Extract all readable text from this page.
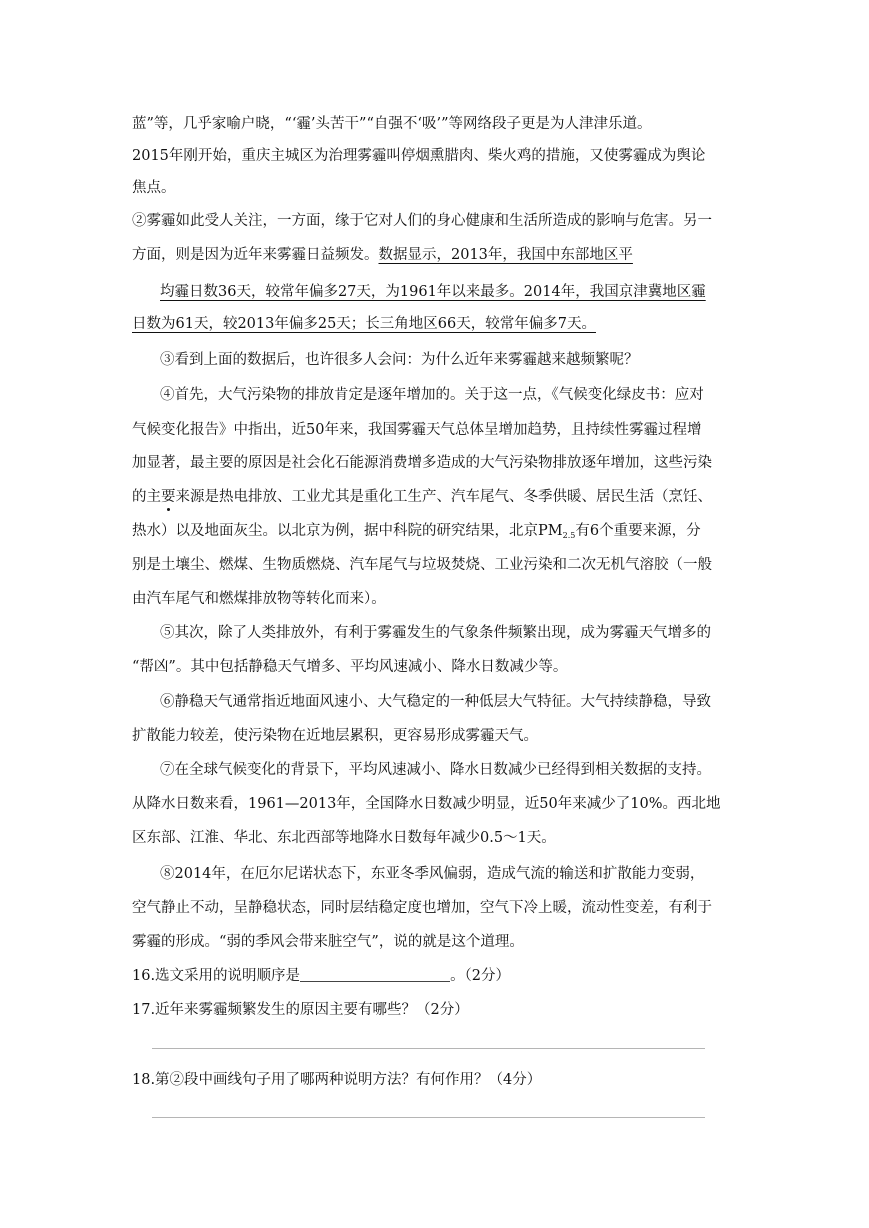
蓝”等，几乎家喻户晓，“‘霾’头苦干”“自强不‘吸’”等网络段子更是为人津津乐道。
2015年刚开始，重庆主城区为治理雾霾叫停烟熏腊肉、柴火鸡的措施，又使雾霾成为舆论
焦点。
②雾霾如此受人关注，一方面，缘于它对人们的身心健康和生活所造成的影响与危害。另一
方面，则是因为近年来雾霾日益频发。数据显示，2013年，我国中东部地区平
均霾日数36天，较常年偏多27天，为1961年以来最多。2014年，我国京津冀地区霾
日数为61天，较2013年偏多25天；长三角地区66天，较常年偏多7天。
③看到上面的数据后，也许很多人会问：为什么近年来雾霾越来越频繁呢？
④首先，大气污染物的排放肯定是逐年增加的。关于这一点，《气候变化绿皮书：应对
气候变化报告》中指出，近50年来，我国雾霾天气总体呈增加趋势，且持续性雾霾过程增
加显著，最主要的原因是社会化石能源消费增多造成的大气污染物排放逐年增加，这些污染
的主要来源是热电排放、工业尤其是重化工生产、汽车尾气、冬季供暖、居民生活（烹饪、
热水）以及地面灰尘。以北京为例，据中科院的研究结果，北京$PM_{2.5}$有6个重要来源，分
别是土壤尘、燃煤、生物质燃烧、汽车尾气与垃圾焚烧、工业污染和二次无机气溶胶（一般
由汽车尾气和燃煤排放物等转化而来）。
⑤其次，除了人类排放外，有利于雾霾发生的气象条件频繁出现，成为雾霾天气增多的
“帮凶”。其中包括静稳天气增多、平均风速减小、降水日数减少等。
⑥静稳天气通常指近地面风速小、大气稳定的一种低层大气特征。大气持续静稳，导致
扩散能力较差，使污染物在近地层累积，更容易形成雾霾天气。
⑦在全球气候变化的背景下，平均风速减小、降水日数减少已经得到相关数据的支持。
从降水日数来看，1961—2013年，全国降水日数减少明显，近50年来减少了10%。西北地
区东部、江淮、华北、东北西部等地降水日数每年减少0.5～1天。
⑧2014年，在厄尔尼诺状态下，东亚冬季风偏弱，造成气流的输送和扩散能力变弱，
空气静止不动，呈静稳状态，同时层结稳定度也增加，空气下冷上暖，流动性变差，有利于
雾霾的形成。“弱的季风会带来脏空气”，说的就是这个道理。
16.选文采用的说明顺序是	。（2分）
17.近年来雾霾频繁发生的原因主要有哪些？（2分）
18.第②段中画线句子用了哪两种说明方法？有何作用？（4分）
